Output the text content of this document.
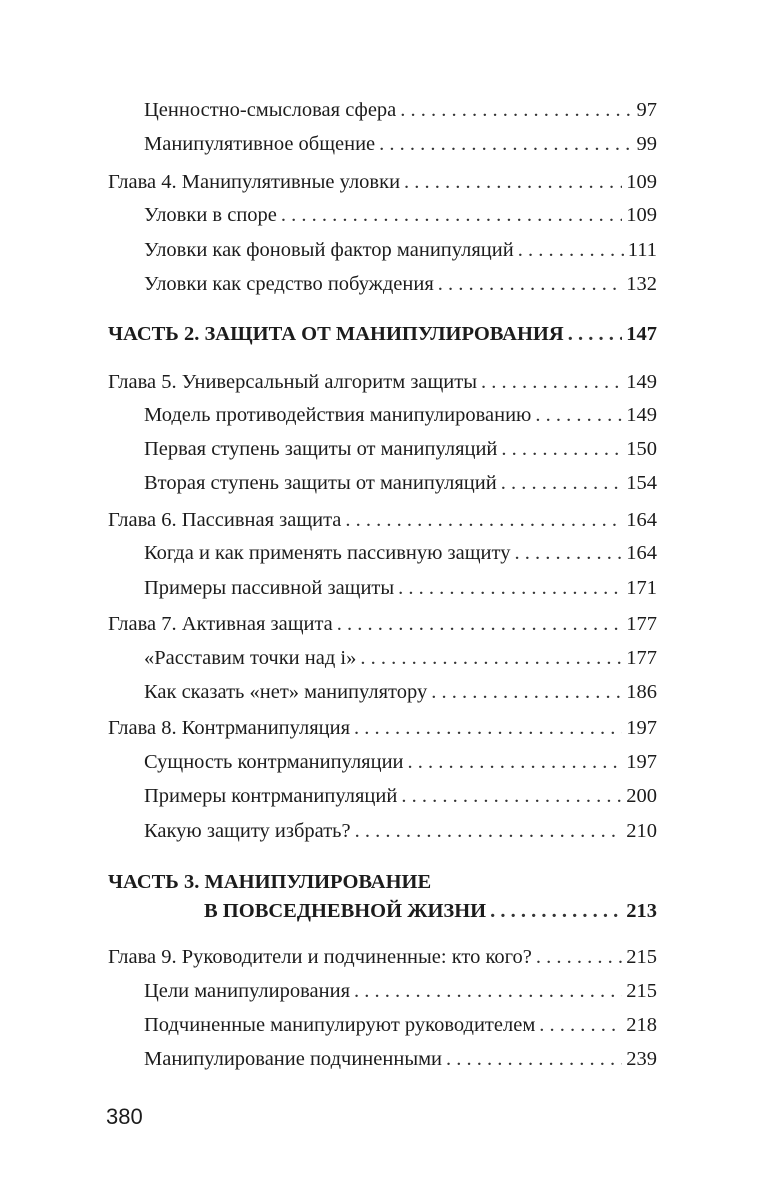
Ценностно-смысловая сфера . . .	97
Манипулятивное общение . . .	99
Глава 4. Манипулятивные уловки . . .	109
Уловки в споре . . .	109
Уловки как фоновый фактор манипуляций . . .	111
Уловки как средство побуждения . . .	132
ЧАСТЬ 2. ЗАЩИТА ОТ МАНИПУЛИРОВАНИЯ . . .	147
Глава 5. Универсальный алгоритм защиты . . .	149
Модель противодействия манипулированию . . .	149
Первая ступень защиты от манипуляций . . .	150
Вторая ступень защиты от манипуляций . . .	154
Глава 6. Пассивная защита . . .	164
Когда и как применять пассивную защиту . . .	164
Примеры пассивной защиты . . .	171
Глава 7. Активная защита . . .	177
«Расставим точки над i» . . .	177
Как сказать «нет» манипулятору . . .	186
Глава 8. Контрманипуляция . . .	197
Сущность контрманипуляции . . .	197
Примеры контрманипуляций . . .	200
Какую защиту избрать? . . .	210
ЧАСТЬ 3. МАНИПУЛИРОВАНИЕ
В ПОВСЕДНЕВНОЙ ЖИЗНИ . . .	213
Глава 9. Руководители и подчиненные: кто кого? . . .	215
Цели манипулирования . . .	215
Подчиненные манипулируют руководителем . . .	218
Манипулирование подчиненными . . .	239
380
